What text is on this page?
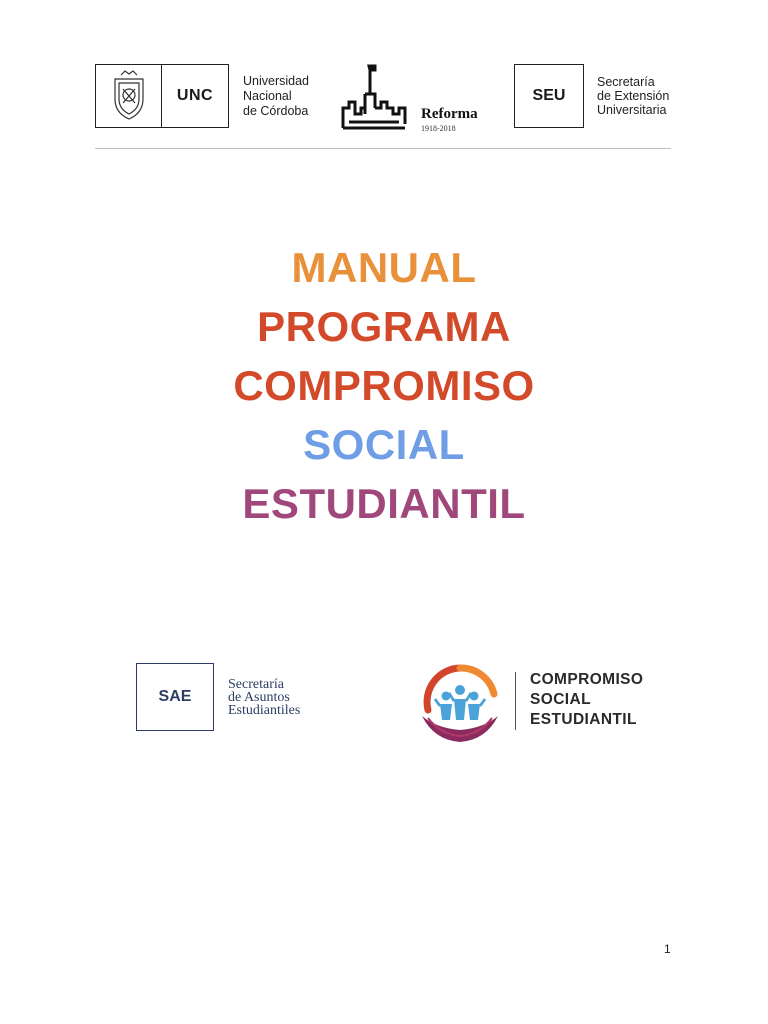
UNC
Universidad
Nacional
de Córdoba	Reforma
1918-2018
SEU
Secretaría
de Extensión
Universitaria
MANUAL
PROGRAMA
COMPROMISO
SOCIAL
ESTUDIANTIL
SAE
Secretaría
de Asuntos
Estudiantiles
COMPROMISO
SOCIAL
ESTUDIANTIL
1
